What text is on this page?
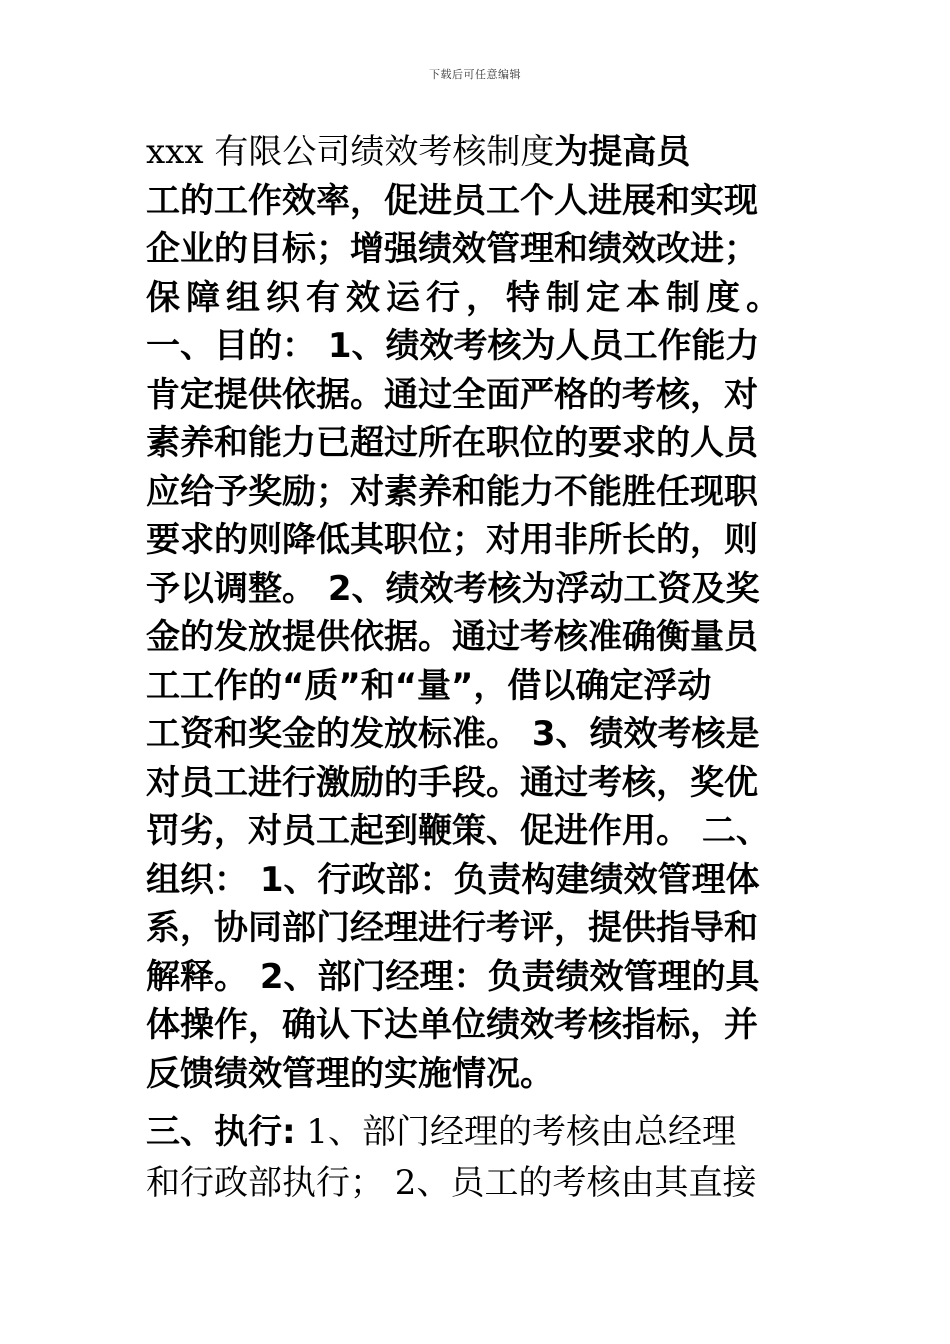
下载后可任意编辑
xxx 有限公司绩效考核制度为提高员
工的工作效率，促进员工个人进展和实现
企业的目标；增强绩效管理和绩效改进；
保障组织有效运行，特制定本制度。
一、目的： 1、绩效考核为人员工作能力
肯定提供依据。通过全面严格的考核，对
素养和能力已超过所在职位的要求的人员
应给予奖励；对素养和能力不能胜任现职
要求的则降低其职位；对用非所长的，则
予以调整。 2、绩效考核为浮动工资及奖
金的发放提供依据。通过考核准确衡量员
工工作的“质”和“量”，借以确定浮动
工资和奖金的发放标准。 3、绩效考核是
对员工进行激励的手段。通过考核，奖优
罚劣，对员工起到鞭策、促进作用。 二、
组织： 1、行政部：负责构建绩效管理体
系，协同部门经理进行考评，提供指导和
解释。 2、部门经理：负责绩效管理的具
体操作，确认下达单位绩效考核指标，并
反馈绩效管理的实施情况。
三、执行: 1、部门经理的考核由总经理
和行政部执行； 2、员工的考核由其直接
